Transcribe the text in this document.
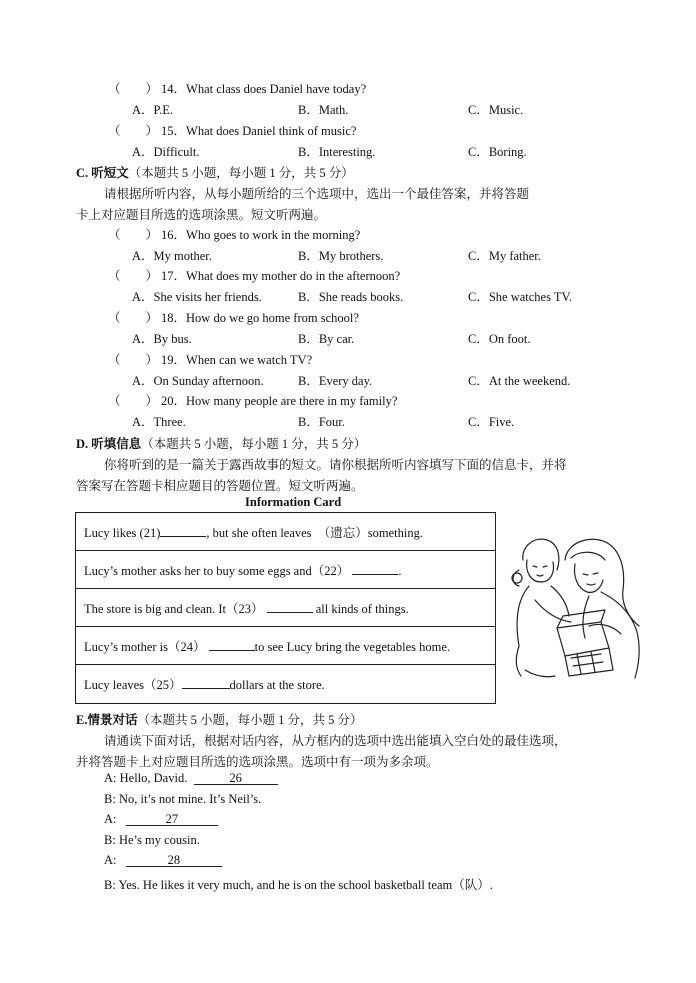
（　　） 14．What class does Daniel have today?
A．P.E.	B．Math.	C．Music.
（　　） 15．What does Daniel think of music?
A．Difficult.	B．Interesting.	C．Boring.
C. 听短文（本题共 5 小题，每小题 1 分，共 5 分）
请根据所听内容，从每小题所给的三个选项中，选出一个最佳答案，并将答题
卡上对应题目所选的选项涂黑。短文听两遍。
（　　） 16．Who goes to work in the morning?
A．My mother.	B．My brothers.	C．My father.
（　　） 17．What does my mother do in the afternoon?
A．She visits her friends.	B．She reads books.	C．She watches TV.
（　　） 18．How do we go home from school?
A．By bus.	B．By car.	C．On foot.
（　　） 19．When can we watch TV?
A．On Sunday afternoon.	B．Every day.	C．At the weekend.
（　　） 20．How many people are there in my family?
A．Three.	B．Four.	C．Five.
D. 听填信息（本题共 5 小题，每小题 1 分，共 5 分）
你将听到的是一篇关于露西故事的短文。请你根据所听内容填写下面的信息卡，并将
答案写在答题卡相应题目的答题位置。短文听两遍。
Information Card
Lucy likes (21)	, but she often leaves　（遗忘）something.
Lucy’s mother asks her to buy some eggs and（22）	.
The store is big and clean. It（23）	all kinds of things.
Lucy’s mother is（24）	to see Lucy bring the vegetables home.
Lucy leaves（25）	dollars at the store.
E.情景对话（本题共 5 小题，每小题 1 分，共 5 分）
请通读下面对话，根据对话内容，从方框内的选项中选出能填入空白处的最佳选项，
并将答题卡上对应题目所选的选项涂黑。选项中有一项为多余项。
A: Hello, David.	26
B: No, it’s not mine. It’s Neil’s.
A:	27
B: He’s my cousin.
A:	28
B: Yes. He likes it very much, and he is on the school basketball team（队）.
